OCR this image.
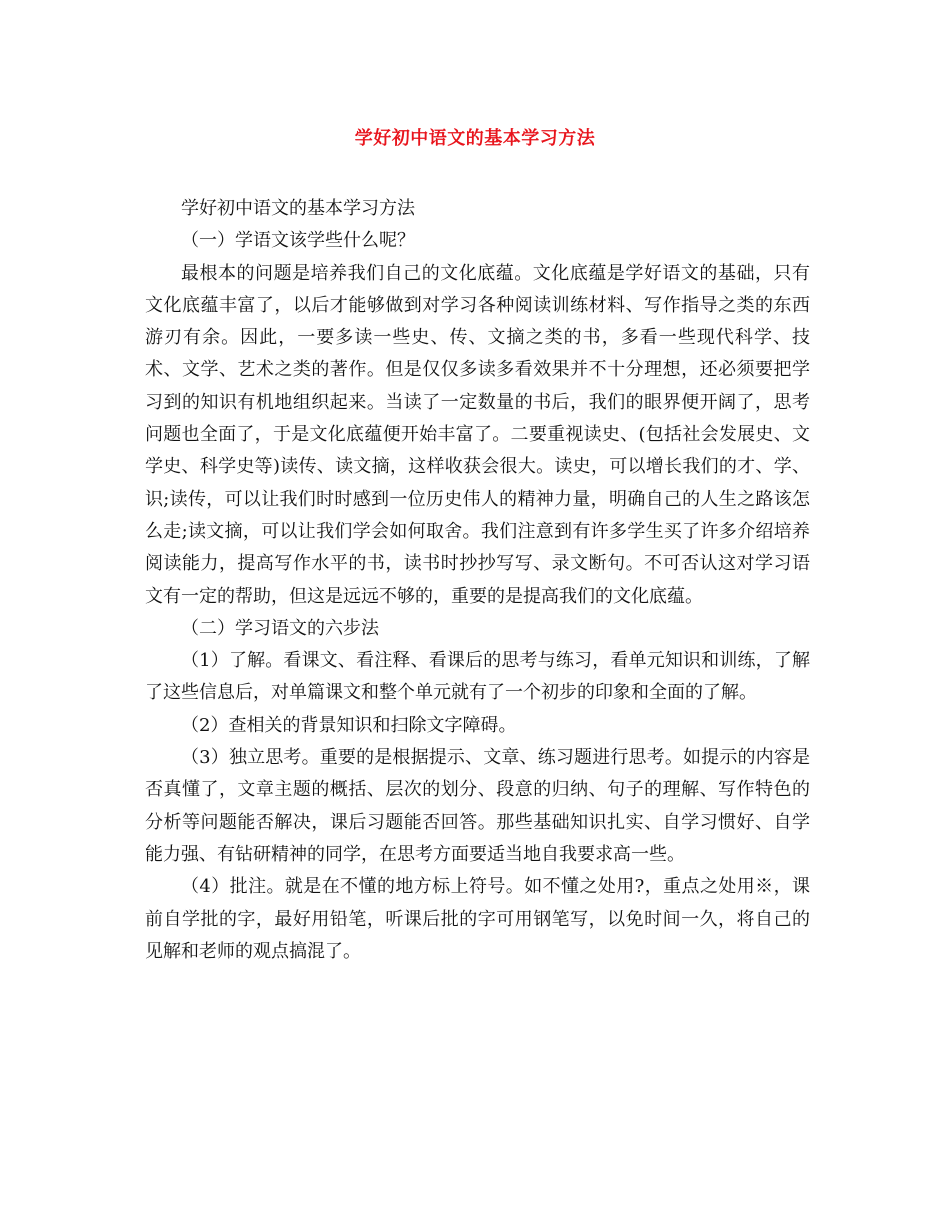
学好初中语文的基本学习方法

学好初中语文的基本学习方法

（一）学语文该学些什么呢？

最根本的问题是培养我们自己的文化底蕴。文化底蕴是学好语文的基础，只有文化底蕴丰富了，以后才能够做到对学习各种阅读训练材料、写作指导之类的东西游刃有余。因此，一要多读一些史、传、文摘之类的书，多看一些现代科学、技术、文学、艺术之类的著作。但是仅仅多读多看效果并不十分理想，还必须要把学习到的知识有机地组织起来。当读了一定数量的书后，我们的眼界便开阔了，思考问题也全面了，于是文化底蕴便开始丰富了。二要重视读史、(包括社会发展史、文学史、科学史等)读传、读文摘，这样收获会很大。读史，可以增长我们的才、学、识;读传，可以让我们时时感到一位历史伟人的精神力量，明确自己的人生之路该怎么走;读文摘，可以让我们学会如何取舍。我们注意到有许多学生买了许多介绍培养阅读能力，提高写作水平的书，读书时抄抄写写、录文断句。不可否认这对学习语文有一定的帮助，但这是远远不够的，重要的是提高我们的文化底蕴。

（二）学习语文的六步法

（1）了解。看课文、看注释、看课后的思考与练习，看单元知识和训练，了解了这些信息后，对单篇课文和整个单元就有了一个初步的印象和全面的了解。

（2）查相关的背景知识和扫除文字障碍。

（3）独立思考。重要的是根据提示、文章、练习题进行思考。如提示的内容是否真懂了，文章主题的概括、层次的划分、段意的归纳、句子的理解、写作特色的分析等问题能否解决，课后习题能否回答。那些基础知识扎实、自学习惯好、自学能力强、有钻研精神的同学，在思考方面要适当地自我要求高一些。

（4）批注。就是在不懂的地方标上符号。如不懂之处用?，重点之处用※，课前自学批的字，最好用铅笔，听课后批的字可用钢笔写，以免时间一久，将自己的见解和老师的观点搞混了。
